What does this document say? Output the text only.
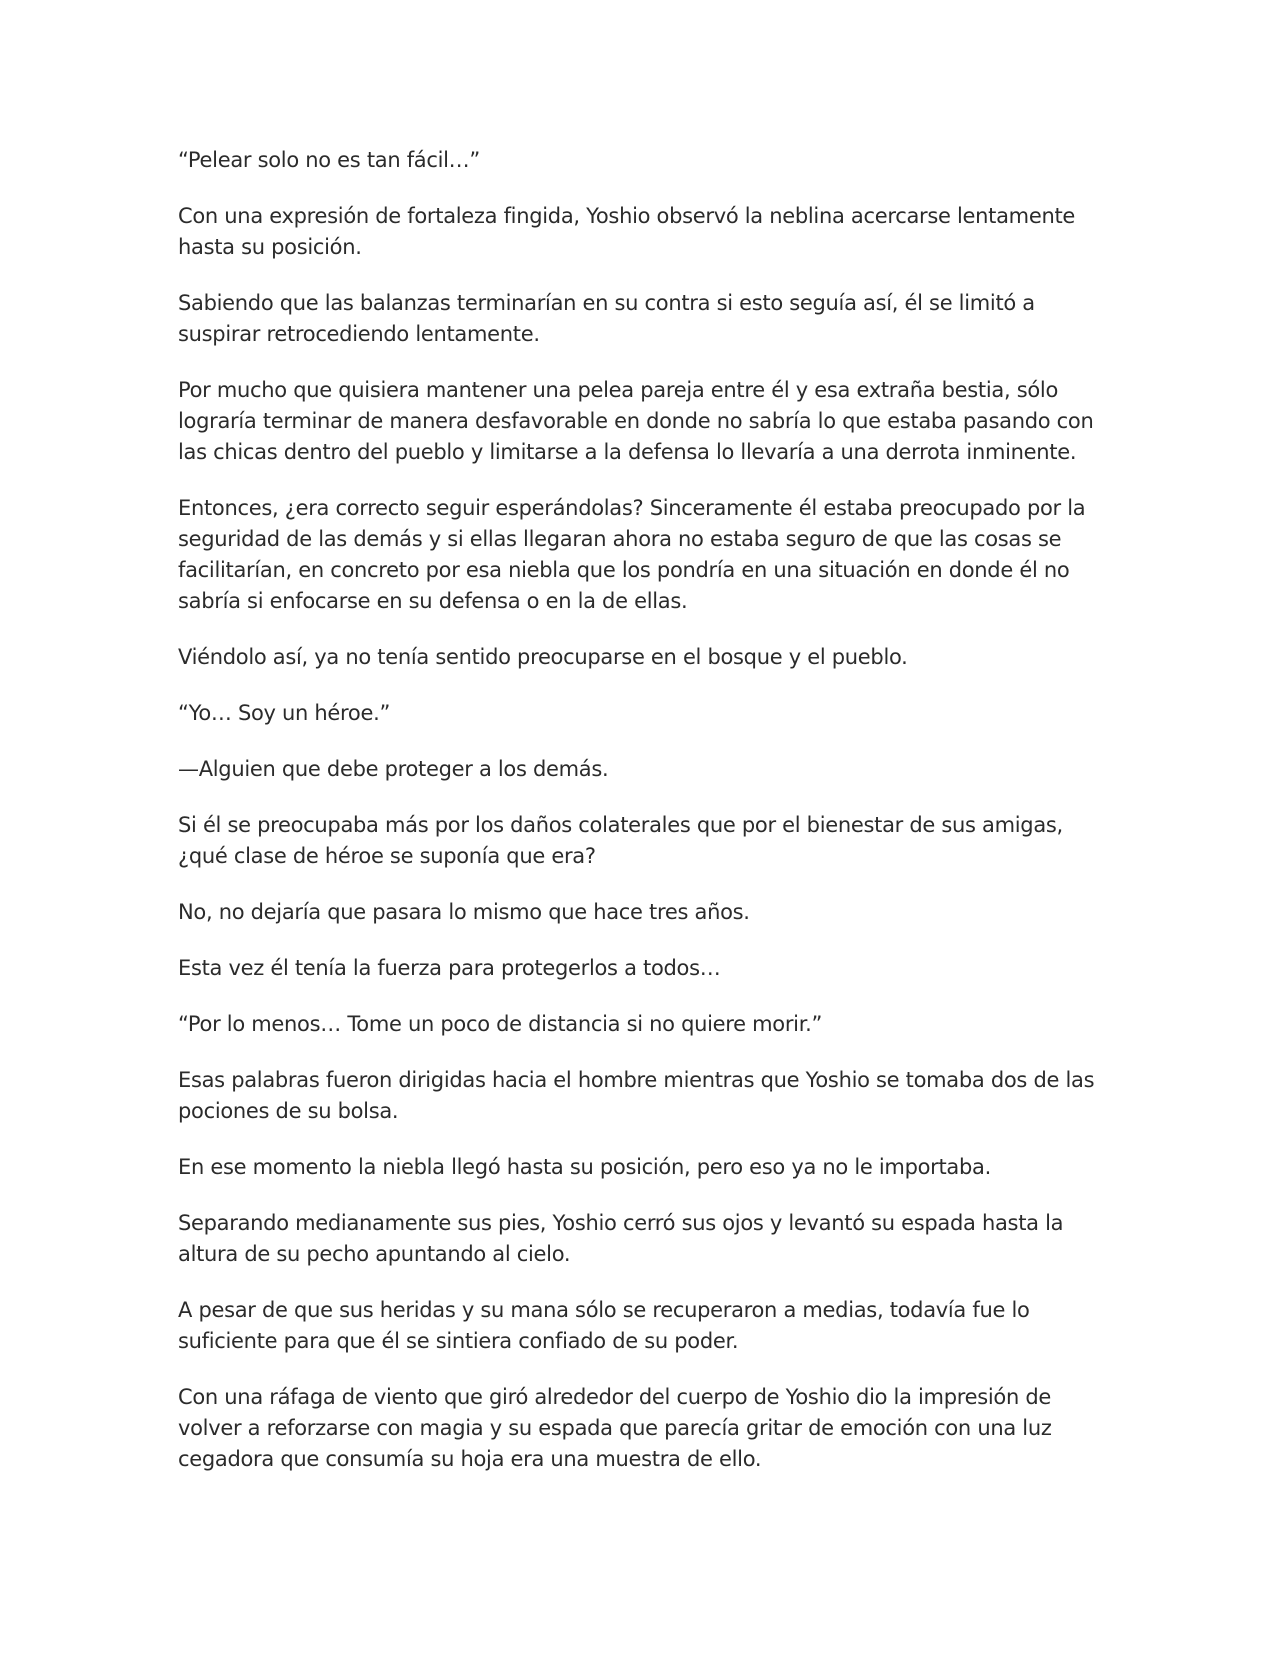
“Pelear solo no es tan fácil…”

Con una expresión de fortaleza fingida, Yoshio observó la neblina acercarse lentamente hasta su posición.

Sabiendo que las balanzas terminarían en su contra si esto seguía así, él se limitó a suspirar retrocediendo lentamente.

Por mucho que quisiera mantener una pelea pareja entre él y esa extraña bestia, sólo lograría terminar de manera desfavorable en donde no sabría lo que estaba pasando con las chicas dentro del pueblo y limitarse a la defensa lo llevaría a una derrota inminente.

Entonces, ¿era correcto seguir esperándolas? Sinceramente él estaba preocupado por la seguridad de las demás y si ellas llegaran ahora no estaba seguro de que las cosas se facilitarían, en concreto por esa niebla que los pondría en una situación en donde él no sabría si enfocarse en su defensa o en la de ellas.

Viéndolo así, ya no tenía sentido preocuparse en el bosque y el pueblo.

“Yo… Soy un héroe.”

—Alguien que debe proteger a los demás.

Si él se preocupaba más por los daños colaterales que por el bienestar de sus amigas, ¿qué clase de héroe se suponía que era?

No, no dejaría que pasara lo mismo que hace tres años.

Esta vez él tenía la fuerza para protegerlos a todos…

“Por lo menos… Tome un poco de distancia si no quiere morir.”

Esas palabras fueron dirigidas hacia el hombre mientras que Yoshio se tomaba dos de las pociones de su bolsa.

En ese momento la niebla llegó hasta su posición, pero eso ya no le importaba.

Separando medianamente sus pies, Yoshio cerró sus ojos y levantó su espada hasta la altura de su pecho apuntando al cielo.

A pesar de que sus heridas y su mana sólo se recuperaron a medias, todavía fue lo suficiente para que él se sintiera confiado de su poder.

Con una ráfaga de viento que giró alrededor del cuerpo de Yoshio dio la impresión de volver a reforzarse con magia y su espada que parecía gritar de emoción con una luz cegadora que consumía su hoja era una muestra de ello.
